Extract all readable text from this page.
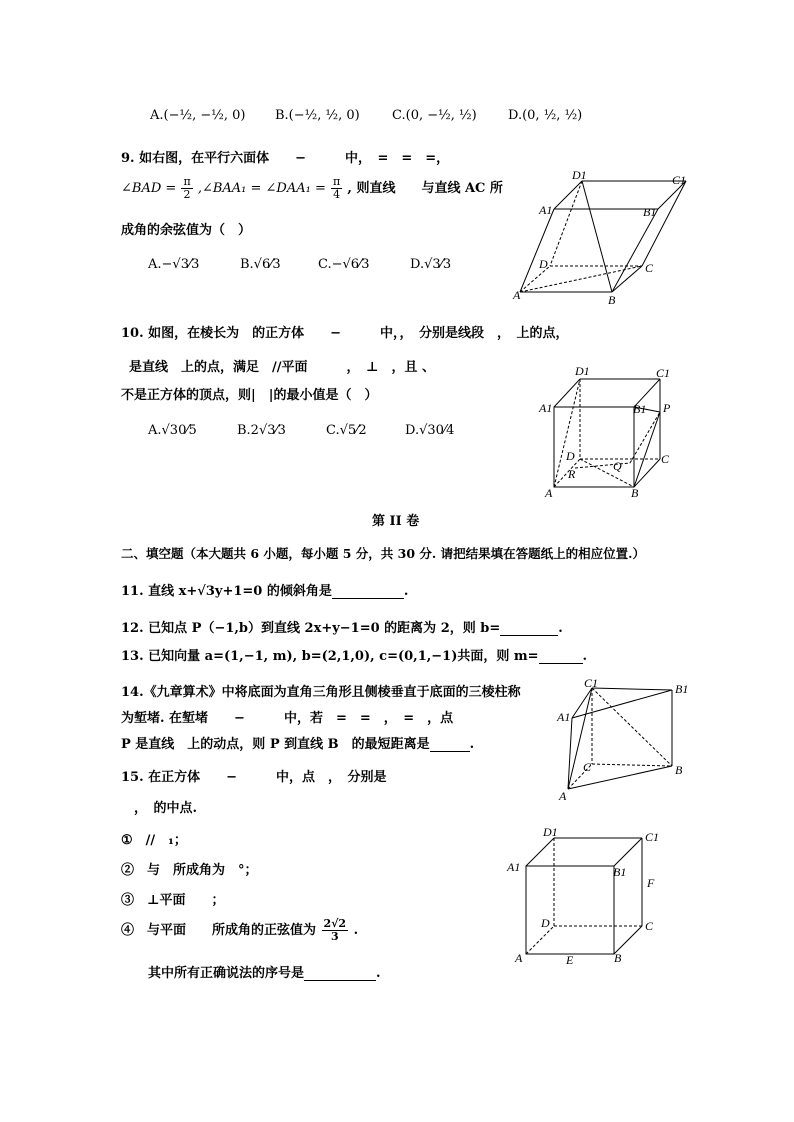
A.(−½, −½, 0) B.(−½, ½, 0) C.(0, −½, ½) D.(0, ½, ½)
9. 如右图，在平行六面体　　−　　　中，　=　=　=，
∠BAD = $\frac{\pi}{2}$ ,∠BAA₁ = ∠DAA₁ = $\frac{\pi}{4}$ , 则直线　　与直线 AC 所
成角的余弦值为（　）
A.−√3⁄3	B.√6⁄3	C.−√6⁄3	D.√3⁄3
D1	C1
A1	B1
D	C
A	B
10. 如图，在棱长为　的正方体　　−　　　中，，　分别是线段　，　上的点，
是直线　上的点，满足　//平面　　　，　⊥　，且 、
不是正方体的顶点，则|　|的最小值是（　）
A.√30⁄5	B.2√3⁄3	C.√5⁄2	D.√30⁄4
D1	C1
A1	B1 P
D
Q	C
R
A	B
第 II 卷
二、填空题（本大题共 6 小题，每小题 5 分，共 30 分. 请把结果填在答题纸上的相应位置.）
11. 直线 x+√3y+1=0 的倾斜角是	.
12. 已知点 P（−1,b）到直线 2x+y−1=0 的距离为 2，则 b=	.
13. 已知向量 a=(1,−1, m), b=(2,1,0), c=(0,1,−1)共面，则 m=	.
14.《九章算术》中将底面为直角三角形且侧棱垂直于底面的三棱柱称
为堑堵. 在堑堵　　−　　　中，若　=　=　，　=　，点
P 是直线　上的动点，则 P 到直线 B　的最短距离是	.
C1	B1
A1
C	B
A
15. 在正方体　　−　　　中，点　，　分别是
　，　的中点.
①　//　₁；
②　与　所成角为　°；
③　⊥平面　　；
④　与平面　　所成角的正弦值为 $\frac{2√2}{3}$ .
其中所有正确说法的序号是	.
D1	C1
A1	B1
F
D	C
A	E	B
